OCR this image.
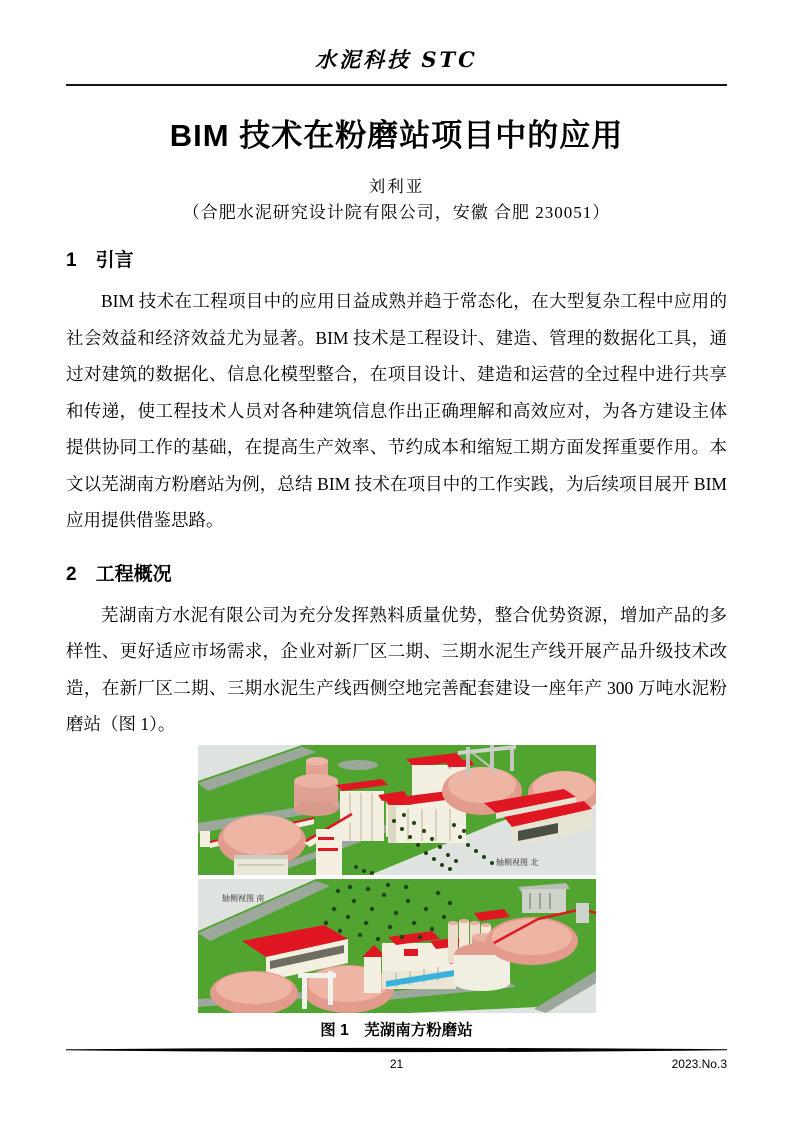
水泥科技 STC
BIM 技术在粉磨站项目中的应用
刘利亚
（合肥水泥研究设计院有限公司，安徽 合肥 230051）
1 引言

BIM 技术在工程项目中的应用日益成熟并趋于常态化，在大型复杂工程中应用的社会效益和经济效益尤为显著。BIM 技术是工程设计、建造、管理的数据化工具，通过对建筑的数据化、信息化模型整合，在项目设计、建造和运营的全过程中进行共享和传递，使工程技术人员对各种建筑信息作出正确理解和高效应对，为各方建设主体提供协同工作的基础，在提高生产效率、节约成本和缩短工期方面发挥重要作用。本文以芜湖南方粉磨站为例，总结 BIM 技术在项目中的工作实践，为后续项目展开 BIM 应用提供借鉴思路。

2 工程概况

芜湖南方水泥有限公司为充分发挥熟料质量优势，整合优势资源，增加产品的多样性、更好适应市场需求，企业对新厂区二期、三期水泥生产线开展产品升级技术改造，在新厂区二期、三期水泥生产线西侧空地完善配套建设一座年产 300 万吨水泥粉磨站（图 1）。

轴侧视图 北
轴侧视图 南
图 1 芜湖南方粉磨站
21	2023.No.3
